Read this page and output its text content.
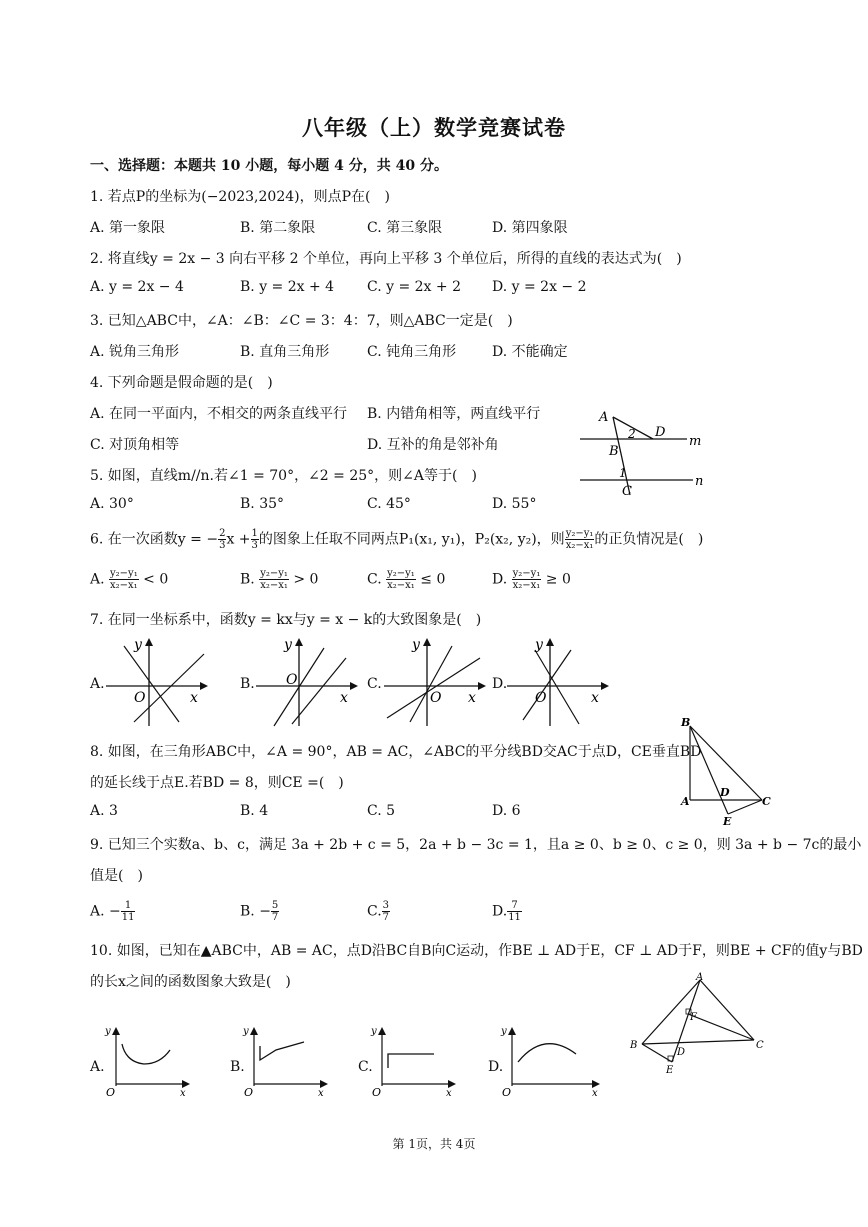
八年级（上）数学竞赛试卷
一、选择题：本题共 10 小题，每小题 4 分，共 40 分。
1. 若点P的坐标为(−2023,2024)，则点P在(　)
A. 第一象限	B. 第二象限	C. 第三象限	D. 第四象限
2. 将直线y = 2x − 3 向右平移 2 个单位，再向上平移 3 个单位后，所得的直线的表达式为(　)
A. y = 2x − 4	B. y = 2x + 4 C. y = 2x + 2 D. y = 2x − 2
3. 已知△ABC中，∠A：∠B：∠C = 3：4：7，则△ABC一定是(　)
A. 锐角三角形	B. 直角三角形	C. 钝角三角形	D. 不能确定
4. 下列命题是假命题的是(　)
A. 在同一平面内，不相交的两条直线平行 B. 内错角相等，两直线平行
C. 对顶角相等	D. 互补的角是邻补角
A
D
m
B
2
1
n
C
5. 如图，直线m//n.若∠1 = 70°，∠2 = 25°，则∠A等于(　)
A. 30°	B. 35°	C. 45°	D. 55°
6. 在一次函数y = − $\frac{2}{3}$ $x + \frac{1}{3}$ 的图象上任取不同两点P₁(x₁, y₁)，P₂(x₂, y₂)，则 $\frac{\text{y₂−y₁}}{\text{x₂−x₁}}$ 的正负情况是(　)
A. $\frac{\text{y₂−y₁}}{\text{x₂−x₁}} < 0$	B. $\frac{\text{y₂−y₁}}{\text{x₂−x₁}} > 0$	C. $\frac{\text{y₂−y₁}}{\text{x₂−x₁}} \le 0$	D. $\frac{\text{y₂−y₁}}{\text{x₂−x₁}} \ge 0$
7. 在同一坐标系中，函数y = kx与y = x − k的大致图象是(　)
A.	B.	C.	D.
y
O	x
y
O
x
y
O x
y
O	x
8. 如图，在三角形ABC中，∠A = 90°，AB = AC，∠ABC的平分线BD交AC于点D，CE垂直BD
的延长线于点E.若BD = 8，则CE =(　)
A. 3	B. 4	C. 5	D. 6
B
A
D
C
E
9. 已知三个实数a、b、c，满足 3a + 2b + c = 5，2a + b − 3c = 1，且a ≥ 0、b ≥ 0、c ≥ 0，则 3a + b − 7c的最小
值是(　)
A. − $\frac{1}{11}$	B. − $\frac{5}{7}$	C. $\frac{3}{7}$	D. $\frac{7}{11}$
10. 如图，已知在▲ABC中，AB = AC，点D沿BC自B向C运动，作BE ⊥ AD于E，CF ⊥ AD于F，则BE + CF的值y与BD
的长x之间的函数图象大致是(　)
A.	B.	C.	D.
y
O	x
y
O	x
y
O	x
y
O	x
A
F
B
D
C
E
第 1页，共 4页
